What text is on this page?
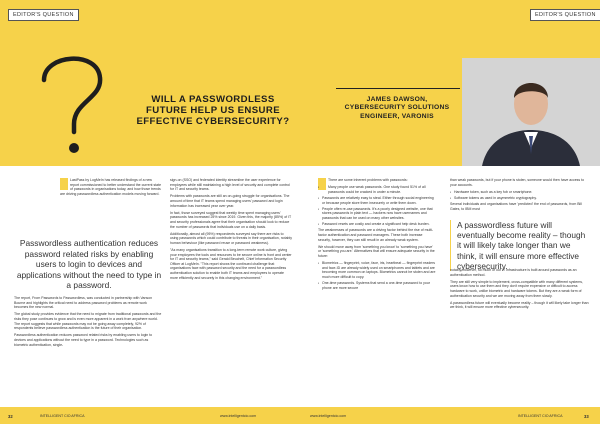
WILL A PASSWORDLESS FUTURE HELP US ENSURE EFFECTIVE CYBERSECURITY?

LastPass by LogMeIn has released findings of a new report commissioned to better understand the current state of passwords in organisations today, and how those trends are driving passwordless authentication models moving forward.

Passwordless authentication reduces password related risks by enabling users to login to devices and applications without the need to type in a password.

The report, From Passwords to Passwordless, was conducted in partnership with Vanson Bourne and highlights the critical need to address password problems as remote work becomes the new normal.

The global study provides evidence that the need to migrate from traditional passwords and the risks they pose continues to grow and is even more apparent in a work from anywhere world. The report suggests that while passwords may not be going away completely, 92% of respondents believe passwordless authentication is the future of their organisation.

Passwordless authentication reduces password related risks by enabling users to login to devices and applications without the need to type in a password. Technologies such as biometric authentication, single-

sign-on (SSO) and federated identity streamline the user experience for employees while still maintaining a high level of security and complete control for IT and security teams.

Problems with passwords are still an on-going struggle for organisations. The amount of time that IT teams spend managing users' password and login information has increased year over year.

In fact, those surveyed suggest that weekly time spent managing users' passwords has increased 25% since 2019. Given this, the majority (85%) of IT and security professionals agree that their organisation should look to reduce the number of passwords that individuals use on a daily basis.

Additionally, almost all (95%) respondents surveyed say there are risks to using passwords which could contribute to threats in their organisation, notably human behaviour (like password reuse or password weakness).

"As many organisations transition to a long-term remote work culture, giving your employees the tools and resources to be secure online is front and center for IT and security teams," said Gerald Beuchelt, Chief Information Security Officer at LogMeIn. "This report shows the continued challenge that organisations face with password security and the need for a passwordless authentication solution to enable both IT teams and employees to operate more efficiently and securely in this changing environment."

32	INTELLIGENT CIO AFRICA	www.intelligentcio.com
JAMES DAWSON,
CYBERSECURITY SOLUTIONS
ENGINEER, VARONIS

There are some inherent problems with passwords:

▪ Many people use weak passwords. One study found 51% of all passwords could be cracked in under a minute.
▪ Passwords are relatively easy to steal. Either through social engineering or because people store them insecurely or write them down.
▪ People often re-use passwords. It's a poorly designed website, one that stores passwords in plain text — hackers now have usernames and passwords that can be used on many other websites.
▪ Password resets are costly and create a significant help desk burden.

The weaknesses of passwords are a driving factor behind the rise of multi-factor authentication and password managers. These both increase security, however, they can still result in an already weak system.

We should move away from 'something you know' to 'something you have' or 'something you are.' Alternatives that will ensure adequate security in the future:

▪ Biometrics — fingerprint, voice, face, iris, heartbeat — fingerprint readers and face-ID are already widely used on smartphones and tablets and are becoming more common on laptops. Biometrics cannot be stolen and are much more difficult to copy.
▪ One-time passwords. Systems that send a one-time password to your phone are more secure

than weak passwords, but if your phone is stolen, someone would then have access to your accounts.

▪ Hardware token, such as a key fob or smartphone.
▪ Software tokens as used in asymmetric cryptography.

Several individuals and organisations have 'predicted' the end of passwords, from Bill Gates, to IBM most

A passwordless future will eventually become reality – though it will likely take longer than we think, it will ensure more effective cybersecurity.

notably, however, so much of our IT infrastructure is built around passwords as an authentication method.

They are still very simple to implement, cross-compatible with many different systems, users know how to use them and they don't require expensive or difficult to access hardware to work, unlike biometric and hardware tokens. But they are a weak form of authentication security and we are moving away from them slowly.

A passwordless future will eventually become reality – though it will likely take longer than we think, it will ensure more effective cybersecurity.

www.intelligentcio.com	INTELLIGENT CIO AFRICA	33
EDITOR'S QUESTION	EDITOR'S QUESTION
